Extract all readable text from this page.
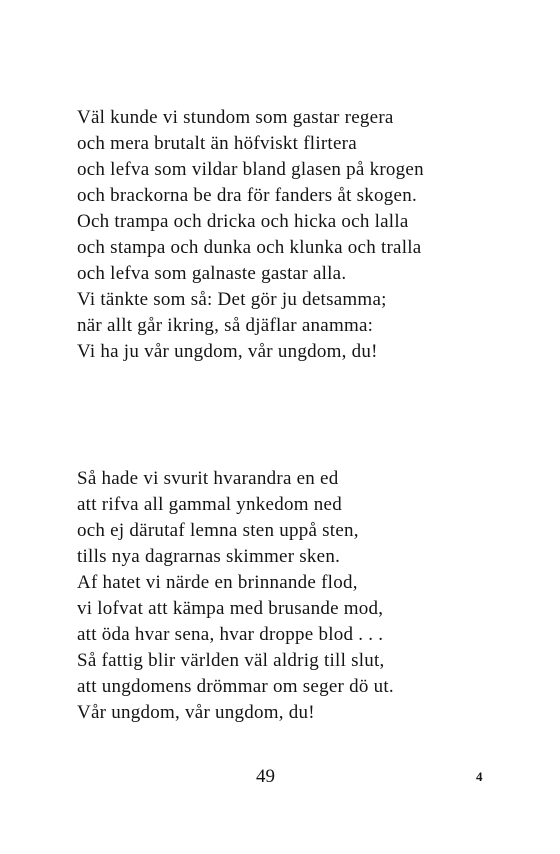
Väl kunde vi stundom som gastar regera
och mera brutalt än höfviskt flirtera
och lefva som vildar bland glasen på krogen
och brackorna be dra för fanders åt skogen.
Och trampa och dricka och hicka och lalla
och stampa och dunka och klunka och tralla
och lefva som galnaste gastar alla.
Vi tänkte som så: Det gör ju detsamma;
när allt går ikring, så djäflar anamma:
Vi ha ju vår ungdom, vår ungdom, du!
Så hade vi svurit hvarandra en ed
att rifva all gammal ynkedom ned
och ej därutaf lemna sten uppå sten,
tills nya dagrarnas skimmer sken.
Af hatet vi närde en brinnande flod,
vi lofvat att kämpa med brusande mod,
att öda hvar sena, hvar droppe blod . . .
Så fattig blir världen väl aldrig till slut,
att ungdomens drömmar om seger dö ut.
Vår ungdom, vår ungdom, du!
49	4
